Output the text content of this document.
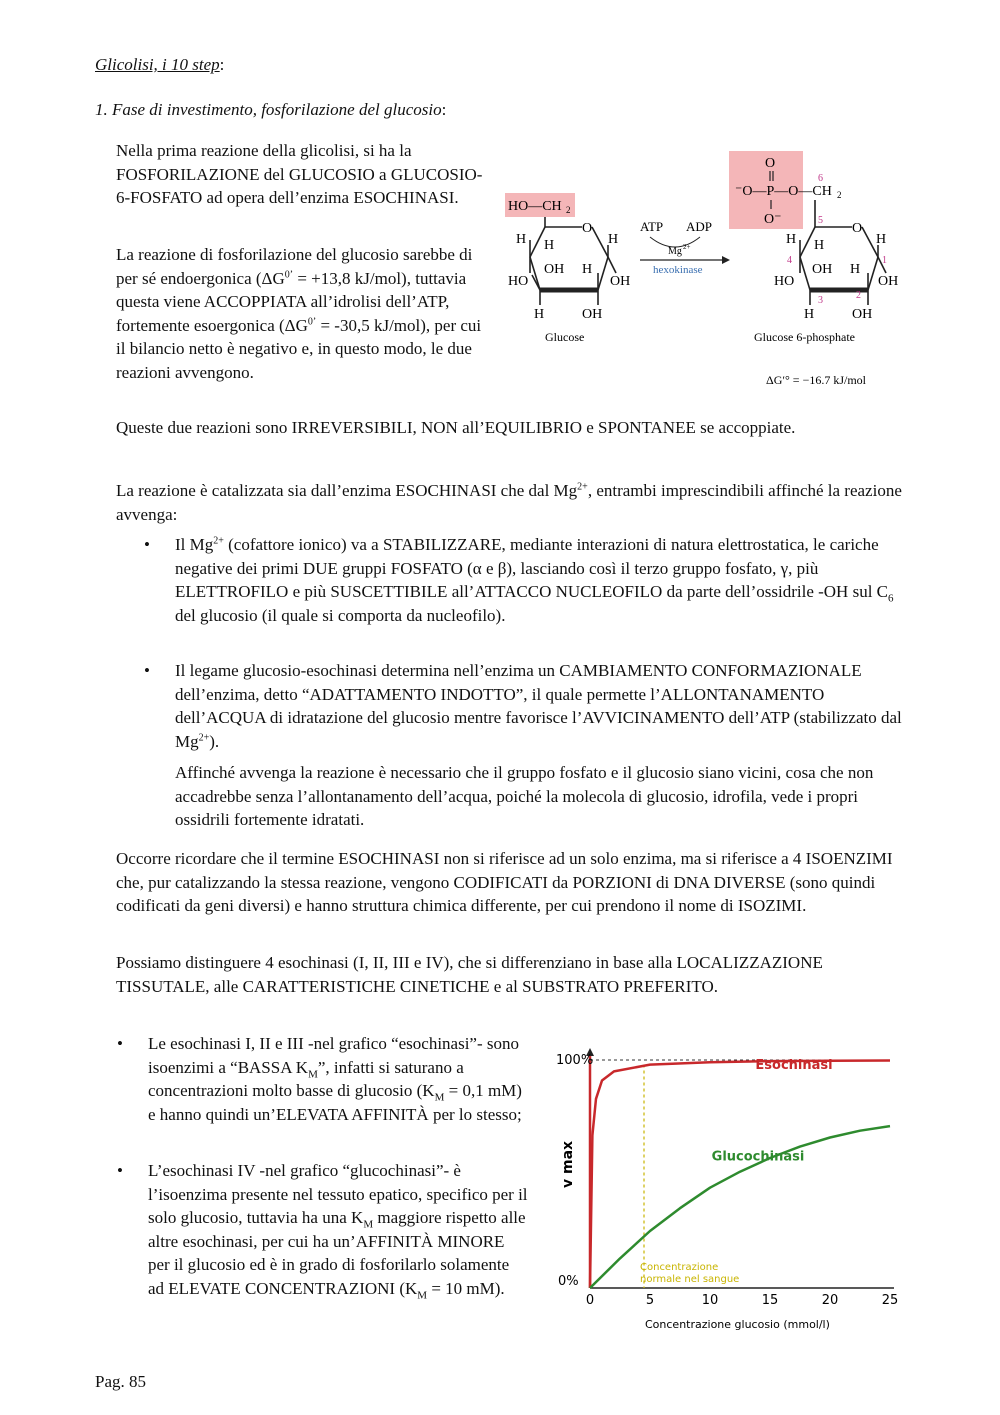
Glicolisi, i 10 step:
1. Fase di investimento, fosforilazione del glucosio:

Nella prima reazione della glicolisi, si ha la FOSFORILAZIONE del GLUCOSIO a GLUCOSIO-6-FOSFATO ad opera dell’enzima ESOCHINASI.

La reazione di fosforilazione del glucosio sarebbe di per sé endoergonica ($\Delta G^{0’} = +13,8$ kJ/mol), tuttavia questa viene ACCOPPIATA all’idrolisi dell’ATP, fortemente esoergonica ($\Delta G^{0’} = -30,5$ kJ/mol), per cui il bilancio netto è negativo e, in questo modo, le due reazioni avvengono.

HO—CH 2
O
H H	H
OH H
HO	OH
H	OH
Glucose
ATP ADP
Mg 2+
hexokinase
O
⁻O—P—O—CH 2
O⁻
O
H H	H
OH H
HO	OH
H	OH
1
2
3
4
5
6
Glucose 6-phosphate
ΔG′° = −16.7 kJ/mol

Queste due reazioni sono IRREVERSIBILI, NON all’EQUILIBRIO e SPONTANEE se accoppiate.

La reazione è catalizzata sia dall’enzima ESOCHINASI che dal $Mg^{2+}$, entrambi imprescindibili affinché la reazione avvenga:

• Il $Mg^{2+}$ (cofattore ionico) va a STABILIZZARE, mediante interazioni di natura elettrostatica, le cariche negative dei primi DUE gruppi FOSFATO (α e β), lasciando così il terzo gruppo fosfato, γ, più ELETTROFILO e più SUSCETTIBILE all’ATTACCO NUCLEOFILO da parte dell’ossidrile -OH sul $C_6$ del glucosio (il quale si comporta da nucleofilo).

• Il legame glucosio-esochinasi determina nell’enzima un CAMBIAMENTO CONFORMAZIONALE dell’enzima, detto “ADATTAMENTO INDOTTO”, il quale permette l’ALLONTANAMENTO dell’ACQUA di idratazione del glucosio mentre favorisce l’AVVICINAMENTO dell’ATP (stabilizzato dal $Mg^{2+}$).

Affinché avvenga la reazione è necessario che il gruppo fosfato e il glucosio siano vicini, cosa che non accadrebbe senza l’allontanamento dell’acqua, poiché la molecola di glucosio, idrofila, vede i propri ossidrili fortemente idratati.

Occorre ricordare che il termine ESOCHINASI non si riferisce ad un solo enzima, ma si riferisce a 4 ISOENZIMI che, pur catalizzando la stessa reazione, vengono CODIFICATI da PORZIONI di DNA DIVERSE (sono quindi codificati da geni diversi) e hanno struttura chimica differente, per cui prendono il nome di ISOZIMI.

Possiamo distinguere 4 esochinasi (I, II, III e IV), che si differenziano in base alla LOCALIZZAZIONE TISSUTALE, alle CARATTERISTICHE CINETICHE e al SUBSTRATO PREFERITO.

• Le esochinasi I, II e III -nel grafico “esochinasi”- sono isoenzimi a “BASSA $K_M$”, infatti si saturano a concentrazioni molto basse di glucosio ($K_M = 0,1$ mM) e hanno quindi un’ELEVATA AFFINITÀ per lo stesso;

• L’esochinasi IV -nel grafico “glucochinasi”- è l’isoenzima presente nel tessuto epatico, specifico per il solo glucosio, tuttavia ha una $K_M$ maggiore rispetto alle altre esochinasi, per cui ha un’AFFINITÀ MINORE per il glucosio ed è in grado di fosforilarlo solamente ad ELEVATE CONCENTRAZIONI ($K_M = 10$ mM).

100%
0%
v max
Concentrazione glucosio (mmol/l)
0	5	10	15	20	25
Concentrazione normale nel sangue
Esochinasi
Glucochinasi
Pag. 85
